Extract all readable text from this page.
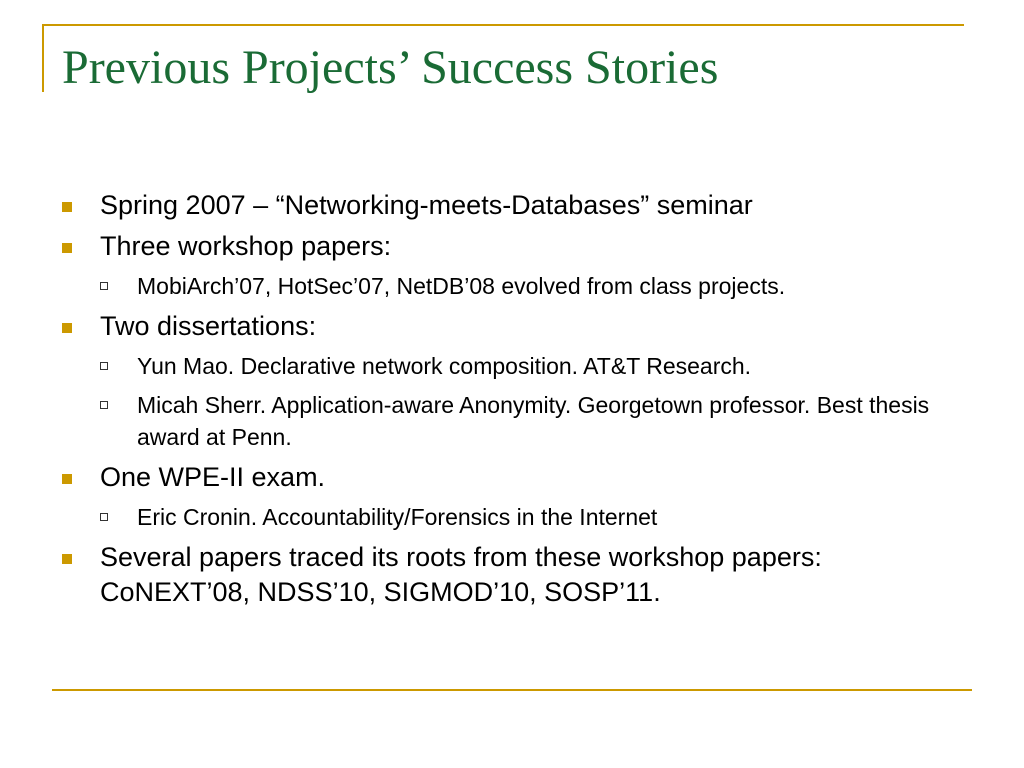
Previous Projects’ Success Stories
Spring 2007 – “Networking-meets-Databases” seminar
Three workshop papers:
MobiArch’07, HotSec’07, NetDB’08 evolved from class projects.
Two dissertations:
Yun Mao. Declarative network composition. AT&T Research.
Micah Sherr. Application-aware Anonymity. Georgetown professor. Best thesis award at Penn.
One WPE-II exam.
Eric Cronin. Accountability/Forensics in the Internet
Several papers traced its roots from these workshop papers: CoNEXT’08, NDSS’10, SIGMOD’10, SOSP’11.
